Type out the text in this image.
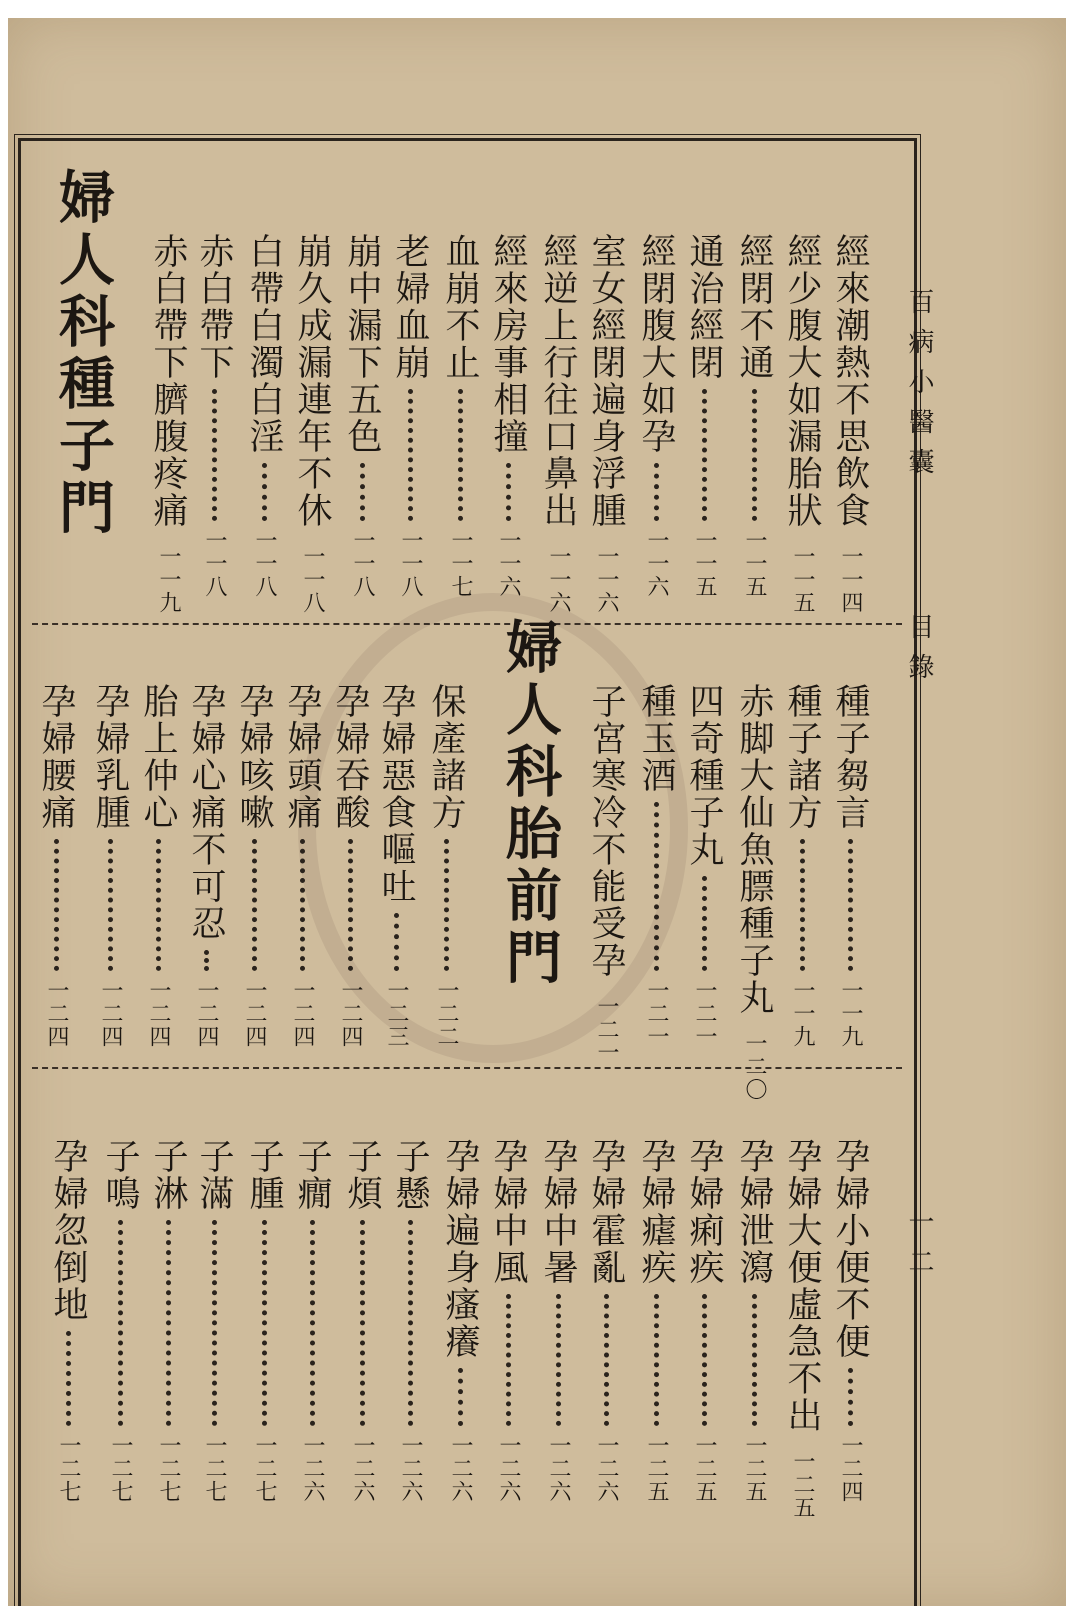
百病小醫囊
目錄
一二
婦人科種子門
婦人科胎前門
經來潮熱不思飲食
一一四
經少腹大如漏胎狀
一一五
經閉不通
一一五
通治經閉
一一五
經閉腹大如孕
一一六
室女經閉遍身浮腫
一一六
經逆上行往口鼻出
一一六
經來房事相撞
一一六
血崩不止
一一七
老婦血崩
一一八
崩中漏下五色
一一八
崩久成漏連年不休
一一八
白帶白濁白淫
一一八
赤白帶下
一一八
赤白帶下臍腹疼痛
一一九
種子芻言
一一九
種子諸方
一一九
赤脚大仙魚膘種子丸
一二〇
四奇種子丸
一二一
種玉酒
一二一
子宮寒冷不能受孕
一二一
保產諸方
一二二
孕婦惡食嘔吐
一二三
孕婦吞酸
一二四
孕婦頭痛
一二四
孕婦咳嗽
一二四
孕婦心痛不可忍
一二四
胎上仲心
一二四
孕婦乳腫
一二四
孕婦腰痛
一二四
孕婦小便不便
一二四
孕婦大便虛急不出
一二五
孕婦泄瀉
一二五
孕婦痢疾
一二五
孕婦瘧疾
一二五
孕婦霍亂
一二六
孕婦中暑
一二六
孕婦中風
一二六
孕婦遍身瘙癢
一二六
子懸
一二六
子煩
一二六
子癇
一二六
子腫
一二七
子滿
一二七
子淋
一二七
子鳴
一二七
孕婦忽倒地
一二七
